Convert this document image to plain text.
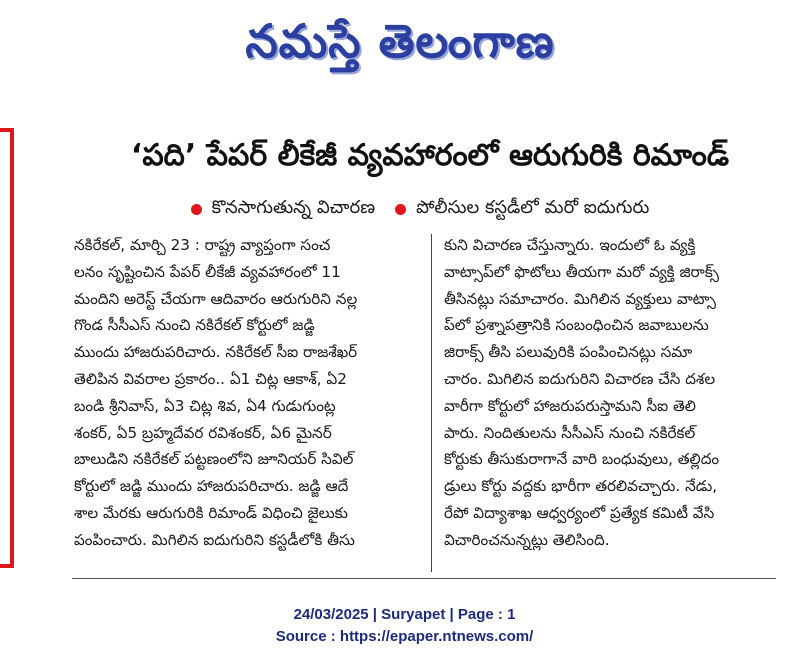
నమస్తే తెలంగాణ
‘పది’ పేపర్ లీకేజీ వ్యవహారంలో ఆరుగురికి రిమాండ్
కొనసాగుతున్న విచారణ పోలీసుల కస్టడీలో మరో ఐదుగురు
నకిరేకల్, మార్చి 23 : రాష్ట్ర వ్యాప్తంగా సంచ
లనం సృష్టించిన పేపర్ లీకేజీ వ్యవహారంలో 11
మందిని అరెస్ట్ చేయగా ఆదివారం ఆరుగురిని నల్ల
గొండ సీసీఎస్ నుంచి నకిరేకల్ కోర్టులో జడ్జి
ముందు హాజరుపరిచారు. నకిరేకల్ సీఐ రాజశేఖర్
తెలిపిన వివరాల ప్రకారం.. ఏ1 చిట్ల ఆకాశ్, ఏ2
బండి శ్రీనివాస్, ఏ3 చిట్ల శివ, ఏ4 గుడుగుంట్ల
శంకర్, ఏ5 బ్రహ్మదేవర రవిశంకర్, ఏ6 మైనర్
బాలుడిని నకిరేకల్ పట్టణంలోని జూనియర్ సివిల్
కోర్టులో జడ్జి ముందు హాజరుపరిచారు. జడ్జి ఆదే
శాల మేరకు ఆరుగురికి రిమాండ్ విధించి జైలుకు
పంపించారు. మిగిలిన ఐదుగురిని కస్టడీలోకి తీసు
కుని విచారణ చేస్తున్నారు. ఇందులో ఓ వ్యక్తి
వాట్సాప్‌లో ఫొటోలు తీయగా మరో వ్యక్తి జిరాక్స్
తీసినట్లు సమాచారం. మిగిలిన వ్యక్తులు వాట్సా
ప్‌లో ప్రశ్నాపత్రానికి సంబంధించిన జవాబులను
జిరాక్స్ తీసి పలువురికి పంపించినట్లు సమా
చారం. మిగిలిన ఐదుగురిని విచారణ చేసి దశల
వారీగా కోర్టులో హాజరుపరుస్తామని సీఐ తెలి
పారు. నిందితులను సీసీఎస్ నుంచి నకిరేకల్
కోర్టుకు తీసుకురాగానే వారి బంధువులు, తల్లిదం
డ్రులు కోర్టు వద్దకు భారీగా తరలివచ్చారు. నేడు,
రేపో విద్యాశాఖ ఆధ్వర్యంలో ప్రత్యేక కమిటీ వేసి
విచారించనున్నట్లు తెలిసింది.
24/03/2025 | Suryapet | Page : 1
Source : https://epaper.ntnews.com/
